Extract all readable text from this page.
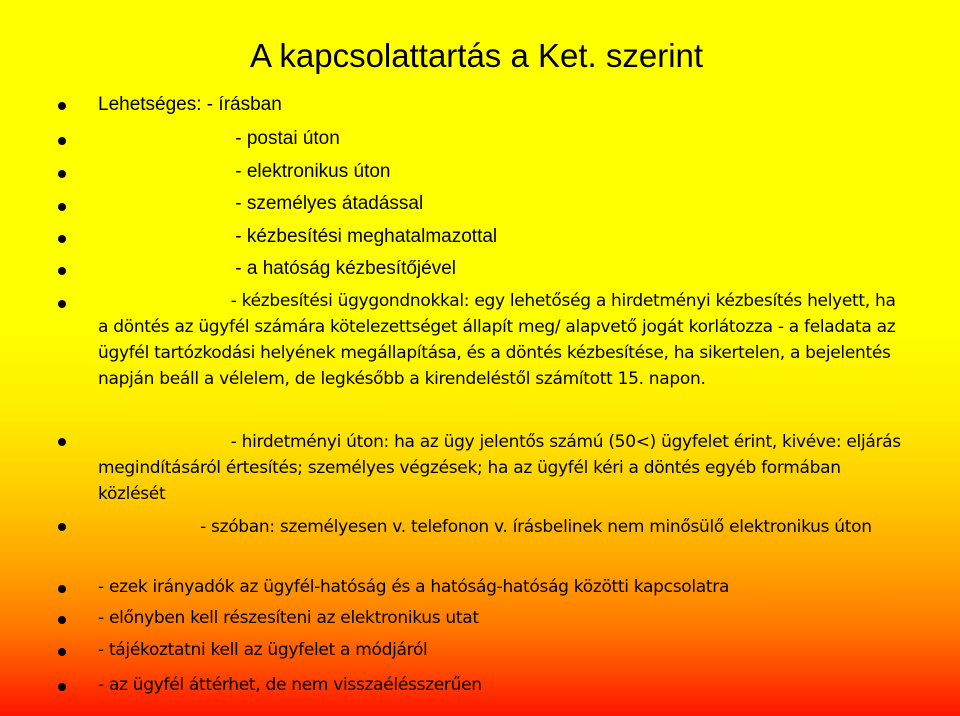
A kapcsolattartás a Ket. szerint
Lehetséges: - írásban
- postai úton
- elektronikus úton
- személyes átadással
- kézbesítési meghatalmazottal
- a hatóság kézbesítőjével
- kézbesítési ügygondnokkal: egy lehetőség a hirdetményi kézbesítés helyett, ha a döntés az ügyfél számára kötelezettséget állapít meg/ alapvető jogát korlátozza - a feladata az ügyfél tartózkodási helyének megállapítása, és a döntés kézbesítése, ha sikertelen, a bejelentés napján beáll a vélelem, de legkésőbb a kirendeléstől számított 15. napon.
- hirdetményi úton: ha az ügy jelentős számú (50<) ügyfelet érint, kivéve: eljárás megindításáról értesítés; személyes végzések; ha az ügyfél kéri a döntés egyéb formában közlését
- szóban: személyesen v. telefonon v. írásbelinek nem minősülő elektronikus úton
- ezek irányadók az ügyfél-hatóság és a hatóság-hatóság közötti kapcsolatra
- előnyben kell részesíteni az elektronikus utat
- tájékoztatni kell az ügyfelet a módjáról
- az ügyfél áttérhet, de nem visszaélésszerűen
